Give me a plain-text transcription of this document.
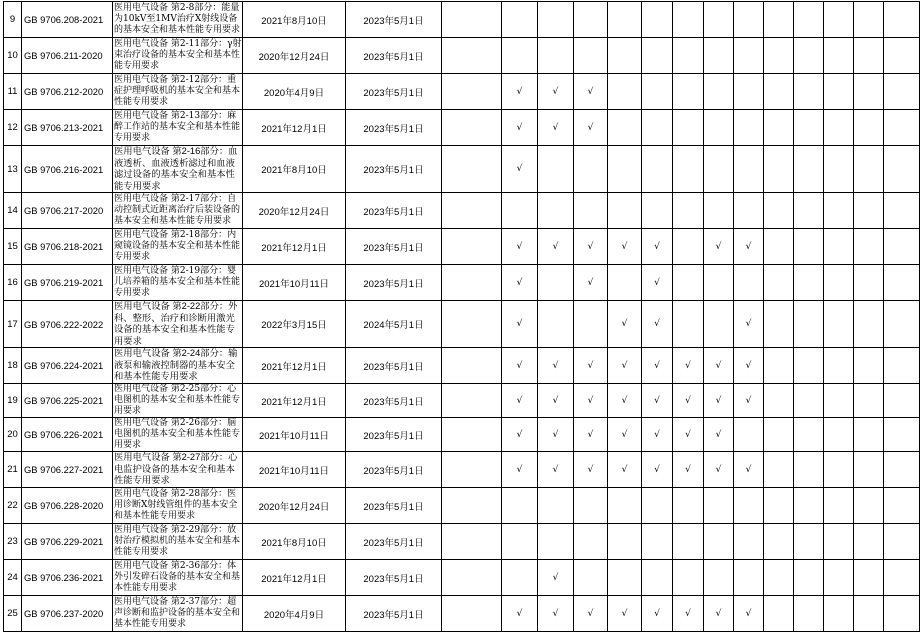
9	GB 9706.208-2021	医用电气设备 第2-8部分：能量为10kV至1MV治疗X射线设备的基本安全和基本性能专用要求	2021年8月10日	2023年5月1日														
10	GB 9706.211-2020	医用电气设备 第2-11部分：γ射束治疗设备的基本安全和基本性能专用要求	2020年12月24日	2023年5月1日														
11	GB 9706.212-2020	医用电气设备 第2-12部分：重症护理呼吸机的基本安全和基本性能专用要求	2020年4月9日	2023年5月1日		√	√	√										
12	GB 9706.213-2021	医用电气设备 第2-13部分：麻醉工作站的基本安全和基本性能专用要求	2021年12月1日	2023年5月1日		√	√	√										
13	GB 9706.216-2021	医用电气设备 第2-16部分：血液透析、血液透析滤过和血液滤过设备的基本安全和基本性能专用要求	2021年8月10日	2023年5月1日		√												
14	GB 9706.217-2020	医用电气设备 第2-17部分：自动控制式近距离治疗后装设备的基本安全和基本性能专用要求	2020年12月24日	2023年5月1日														
15	GB 9706.218-2021	医用电气设备 第2-18部分：内窥镜设备的基本安全和基本性能专用要求	2021年12月1日	2023年5月1日		√	√	√	√	√		√	√					
16	GB 9706.219-2021	医用电气设备 第2-19部分：婴儿培养箱的基本安全和基本性能专用要求	2021年10月11日	2023年5月1日		√		√		√								
17	GB 9706.222-2022	医用电气设备 第2-22部分：外科、整形、治疗和诊断用激光设备的基本安全和基本性能专用要求	2022年3月15日	2024年5月1日		√			√	√			√					
18	GB 9706.224-2021	医用电气设备 第2-24部分：输液泵和输液控制器的基本安全和基本性能专用要求	2021年12月1日	2023年5月1日		√	√	√	√	√	√	√	√					
19	GB 9706.225-2021	医用电气设备 第2-25部分：心电图机的基本安全和基本性能专用要求	2021年12月1日	2023年5月1日		√	√	√	√	√	√	√	√					
20	GB 9706.226-2021	医用电气设备 第2-26部分：脑电图机的基本安全和基本性能专用要求	2021年10月11日	2023年5月1日		√	√	√	√	√	√	√						
21	GB 9706.227-2021	医用电气设备 第2-27部分：心电监护设备的基本安全和基本性能专用要求	2021年10月11日	2023年5月1日		√	√	√	√	√	√	√	√					
22	GB 9706.228-2020	医用电气设备 第2-28部分：医用诊断X射线管组件的基本安全和基本性能专用要求	2020年12月24日	2023年5月1日														
23	GB 9706.229-2021	医用电气设备 第2-29部分：放射治疗模拟机的基本安全和基本性能专用要求	2021年8月10日	2023年5月1日														
24	GB 9706.236-2021	医用电气设备 第2-36部分：体外引发碎石设备的基本安全和基本性能专用要求	2021年12月1日	2023年5月1日			√											
25	GB 9706.237-2020	医用电气设备 第2-37部分：超声诊断和监护设备的基本安全和基本性能专用要求	2020年4月9日	2023年5月1日		√	√	√	√	√	√	√	√					
